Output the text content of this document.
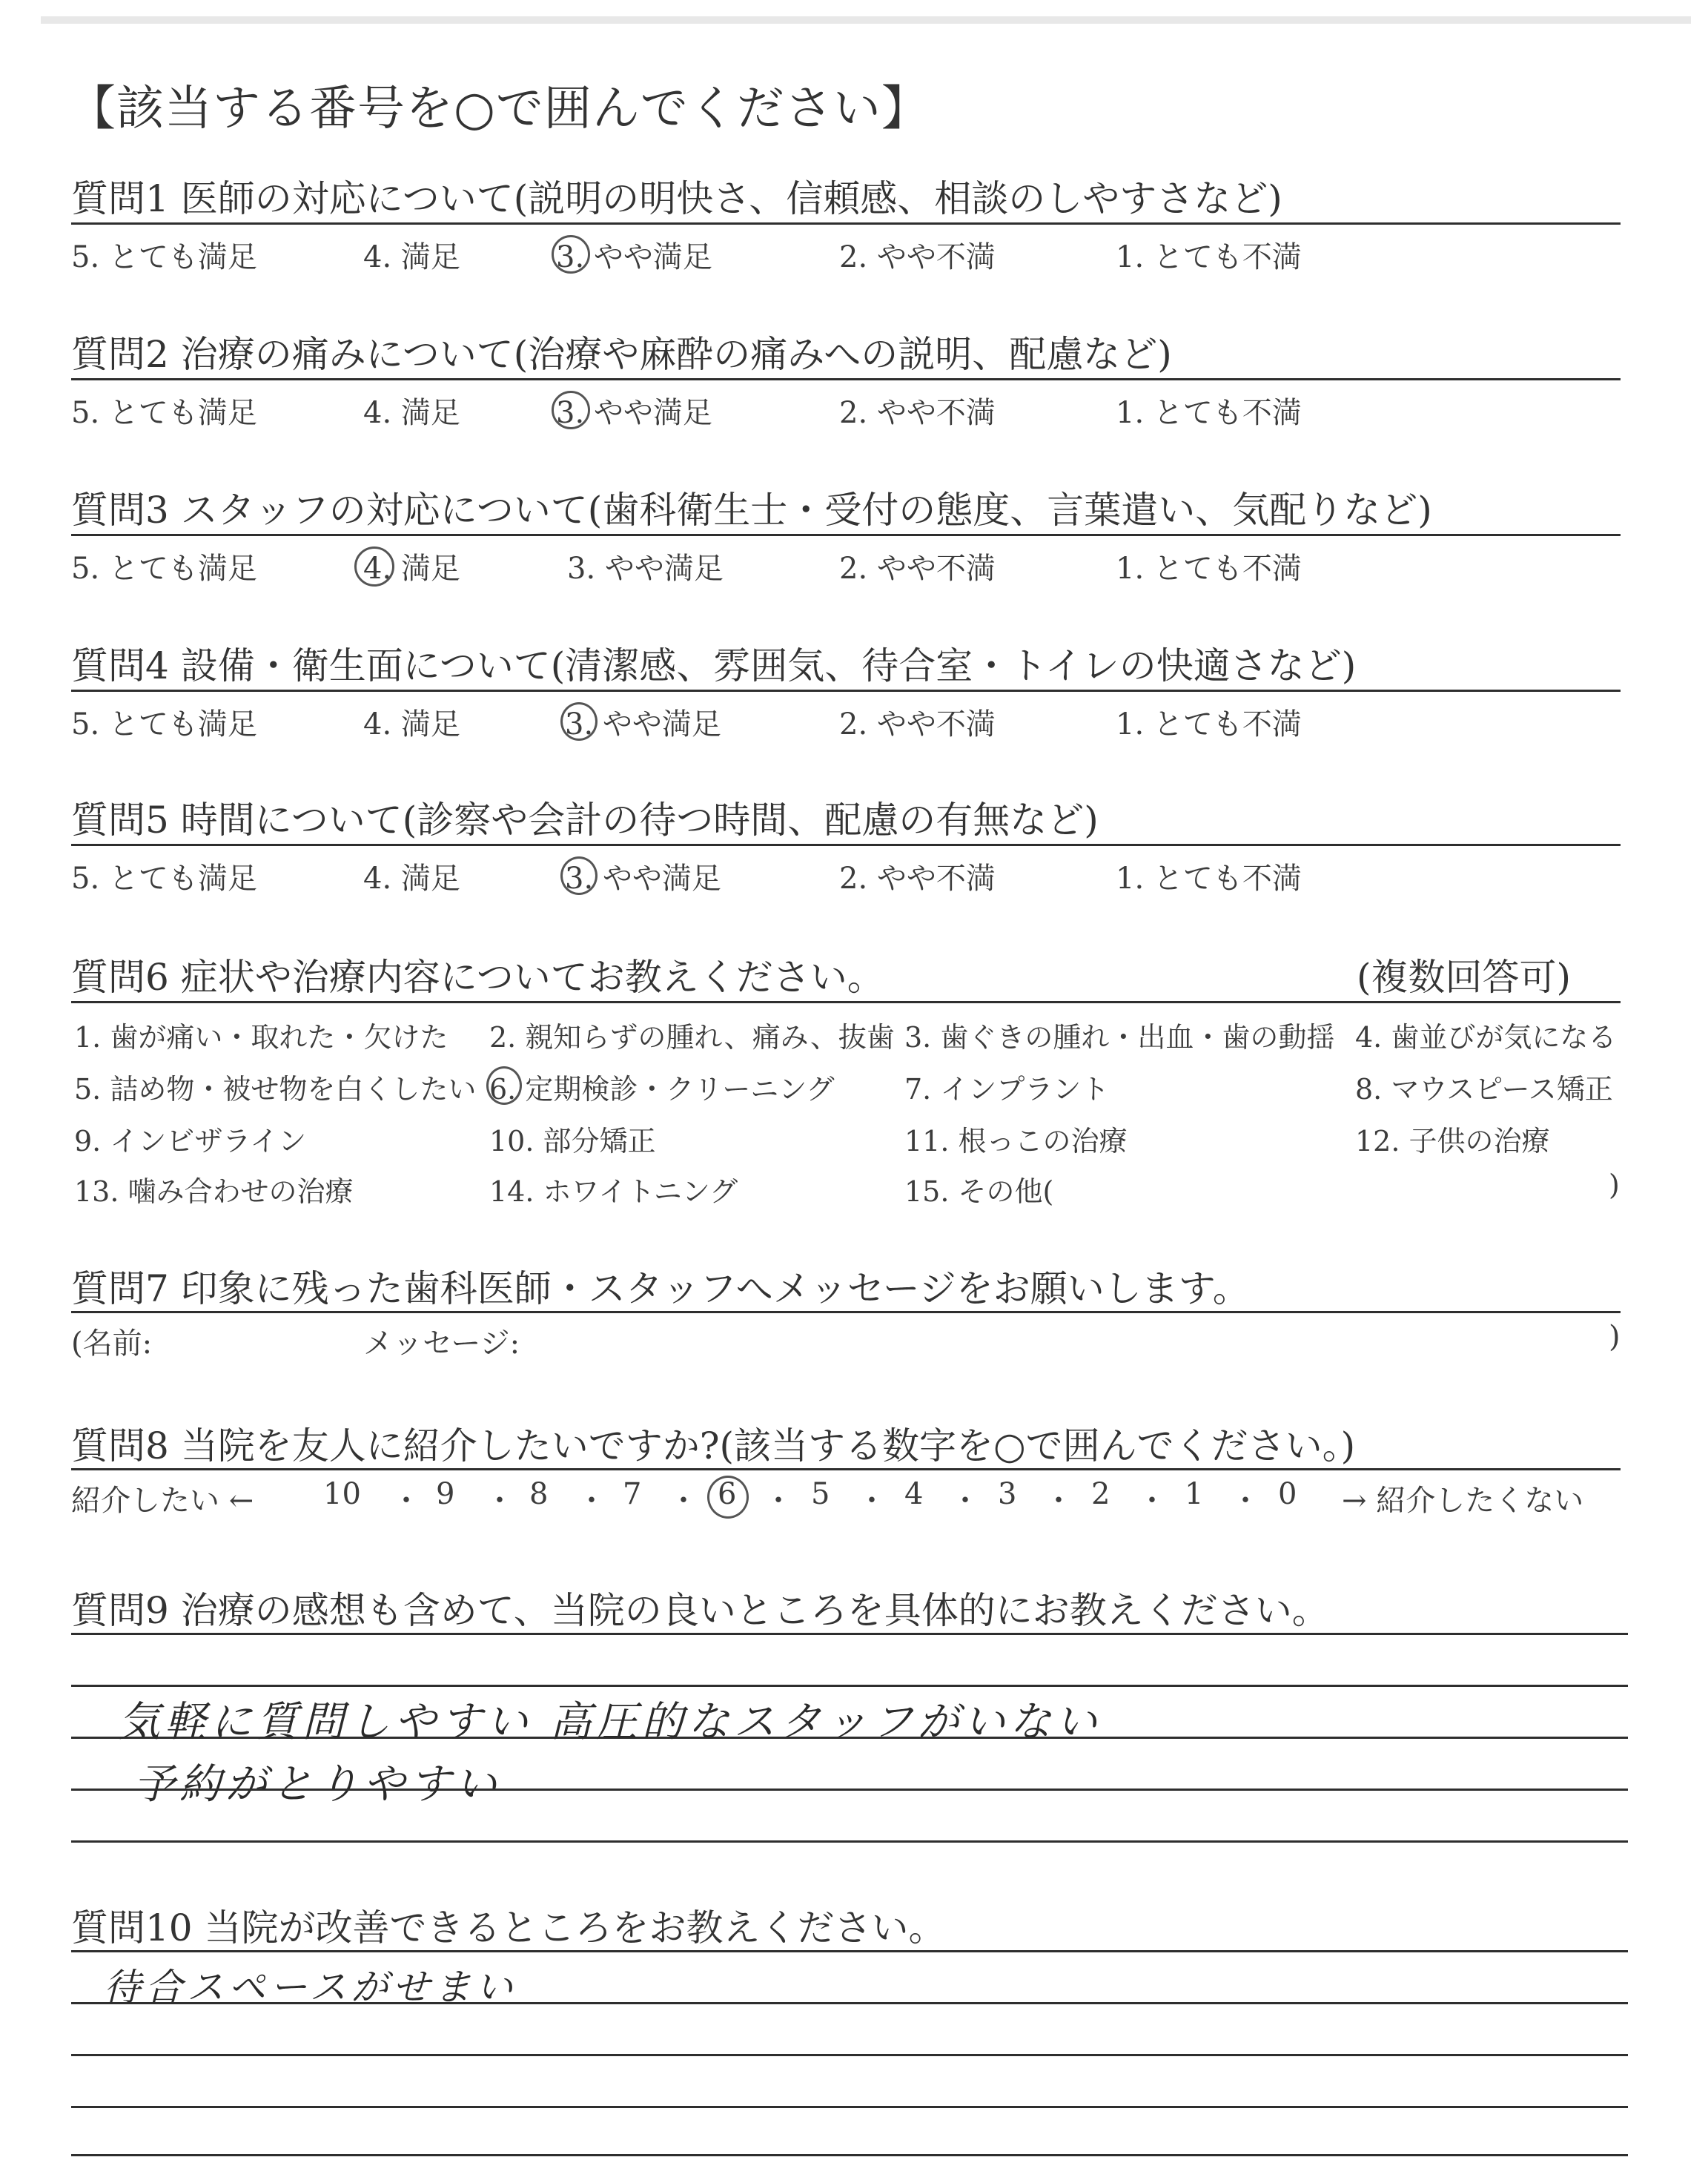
【該当する番号を○で囲んでください】
質問1 医師の対応について(説明の明快さ、信頼感、相談のしやすさなど)
5. とても満足	4. 満足	3. やや満足	2. やや不満	1. とても不満
質問2 治療の痛みについて(治療や麻酔の痛みへの説明、配慮など)
5. とても満足	4. 満足	3. やや満足	2. やや不満	1. とても不満
質問3 スタッフの対応について(歯科衛生士・受付の態度、言葉遣い、気配りなど)
5. とても満足	4. 満足	3. やや満足	2. やや不満	1. とても不満
質問4 設備・衛生面について(清潔感、雰囲気、待合室・トイレの快適さなど)
5. とても満足	4. 満足	3. やや満足	2. やや不満	1. とても不満
質問5 時間について(診察や会計の待つ時間、配慮の有無など)
5. とても満足	4. 満足	3. やや満足	2. やや不満	1. とても不満
質問6 症状や治療内容についてお教えください。	(複数回答可)
1. 歯が痛い・取れた・欠けた 2. 親知らずの腫れ、痛み、抜歯 3. 歯ぐきの腫れ・出血・歯の動揺 4. 歯並びが気になる
5. 詰め物・被せ物を白くしたい 6. 定期検診・クリーニング 7. インプラント	8. マウスピース矯正
9. インビザライン	10. 部分矯正	11. 根っこの治療	12. 子供の治療
13. 噛み合わせの治療	14. ホワイトニング	15. その他(	)
質問7 印象に残った歯科医師・スタッフへメッセージをお願いします。
(名前:	メッセージ:	)
質問8 当院を友人に紹介したいですか?(該当する数字を○で囲んでください。)
紹介したい ← 10 ・ 9 ・ 8 ・ 7 ・ 6 ・ 5 ・ 4 ・ 3 ・ 2 ・ 1 ・ 0 → 紹介したくない
質問9 治療の感想も含めて、当院の良いところを具体的にお教えください。
気軽に質問しやすい 高圧的なスタッフがいない
予約がとりやすい
質問10 当院が改善できるところをお教えください。
待合スペースがせまい
